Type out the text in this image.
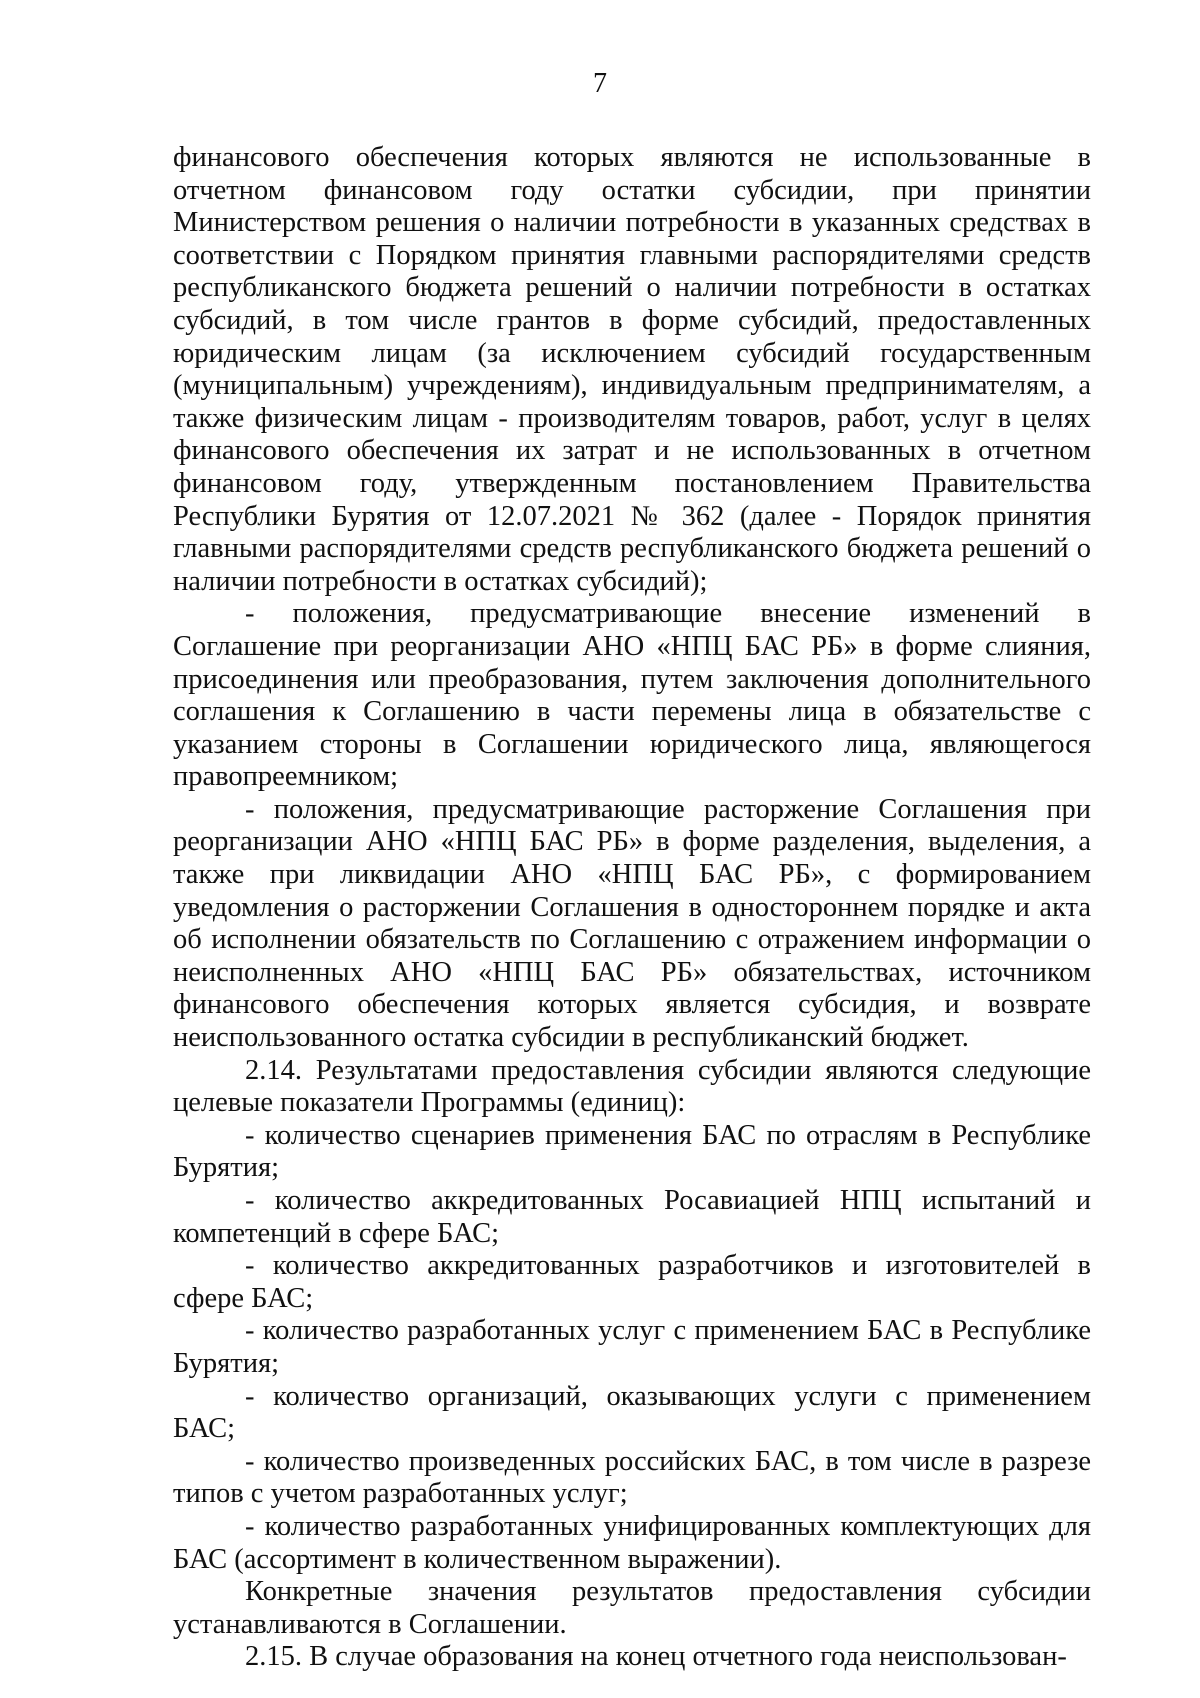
7

финансового обеспечения которых являются не использованные в отчетном финансовом году остатки субсидии, при принятии Министерством решения о наличии потребности в указанных средствах в соответствии с Порядком принятия главными распорядителями средств республиканского бюджета решений о наличии потребности в остатках субсидий, в том числе грантов в форме субсидий, предоставленных юридическим лицам (за исключением субсидий государственным (муниципальным) учреждениям), индивидуальным предпринимателям, а также физическим лицам - производителям товаров, работ, услуг в целях финансового обеспечения их затрат и не использованных в отчетном финансовом году, утвержденным постановлением Правительства Республики Бурятия от 12.07.2021 № 362 (далее - Порядок принятия главными распорядителями средств республиканского бюджета решений о наличии потребности в остатках субсидий);

- положения, предусматривающие внесение изменений в Соглашение при реорганизации АНО «НПЦ БАС РБ» в форме слияния, присоединения или преобразования, путем заключения дополнительного соглашения к Соглашению в части перемены лица в обязательстве с указанием стороны в Соглашении юридического лица, являющегося правопреемником;

- положения, предусматривающие расторжение Соглашения при реорганизации АНО «НПЦ БАС РБ» в форме разделения, выделения, а также при ликвидации АНО «НПЦ БАС РБ», с формированием уведомления о расторжении Соглашения в одностороннем порядке и акта об исполнении обязательств по Соглашению с отражением информации о неисполненных АНО «НПЦ БАС РБ» обязательствах, источником финансового обеспечения которых является субсидия, и возврате неиспользованного остатка субсидии в республиканский бюджет.

2.14. Результатами предоставления субсидии являются следующие целевые показатели Программы (единиц):

- количество сценариев применения БАС по отраслям в Республике Бурятия;

- количество аккредитованных Росавиацией НПЦ испытаний и компетенций в сфере БАС;

- количество аккредитованных разработчиков и изготовителей в сфере БАС;

- количество разработанных услуг с применением БАС в Республике Бурятия;

- количество организаций, оказывающих услуги с применением БАС;

- количество произведенных российских БАС, в том числе в разрезе типов с учетом разработанных услуг;

- количество разработанных унифицированных комплектующих для БАС (ассортимент в количественном выражении).

Конкретные значения результатов предоставления субсидии устанавливаются в Соглашении.

2.15. В случае образования на конец отчетного года неиспользован-
